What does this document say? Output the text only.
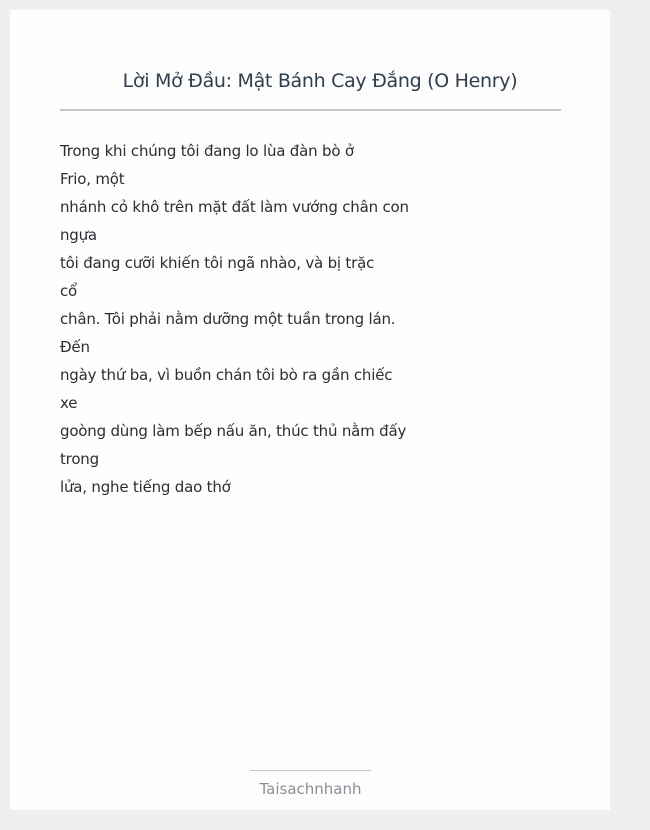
Lời Mở Đầu: Mật Bánh Cay Đắng (O Henry)
Trong khi chúng tôi đang lo lùa đàn bò ở
Frio, một
nhánh cỏ khô trên mặt đất làm vướng chân con
ngựa
tôi đang cưỡi khiến tôi ngã nhào, và bị trặc
cổ
chân. Tôi phải nằm dưỡng một tuần trong lán.
Đến
ngày thứ ba, vì buồn chán tôi bò ra gần chiếc
xe
goòng dùng làm bếp nấu ăn, thúc thủ nằm đấy
trong
lửa, nghe tiếng dao thớ
Taisachnhanh
